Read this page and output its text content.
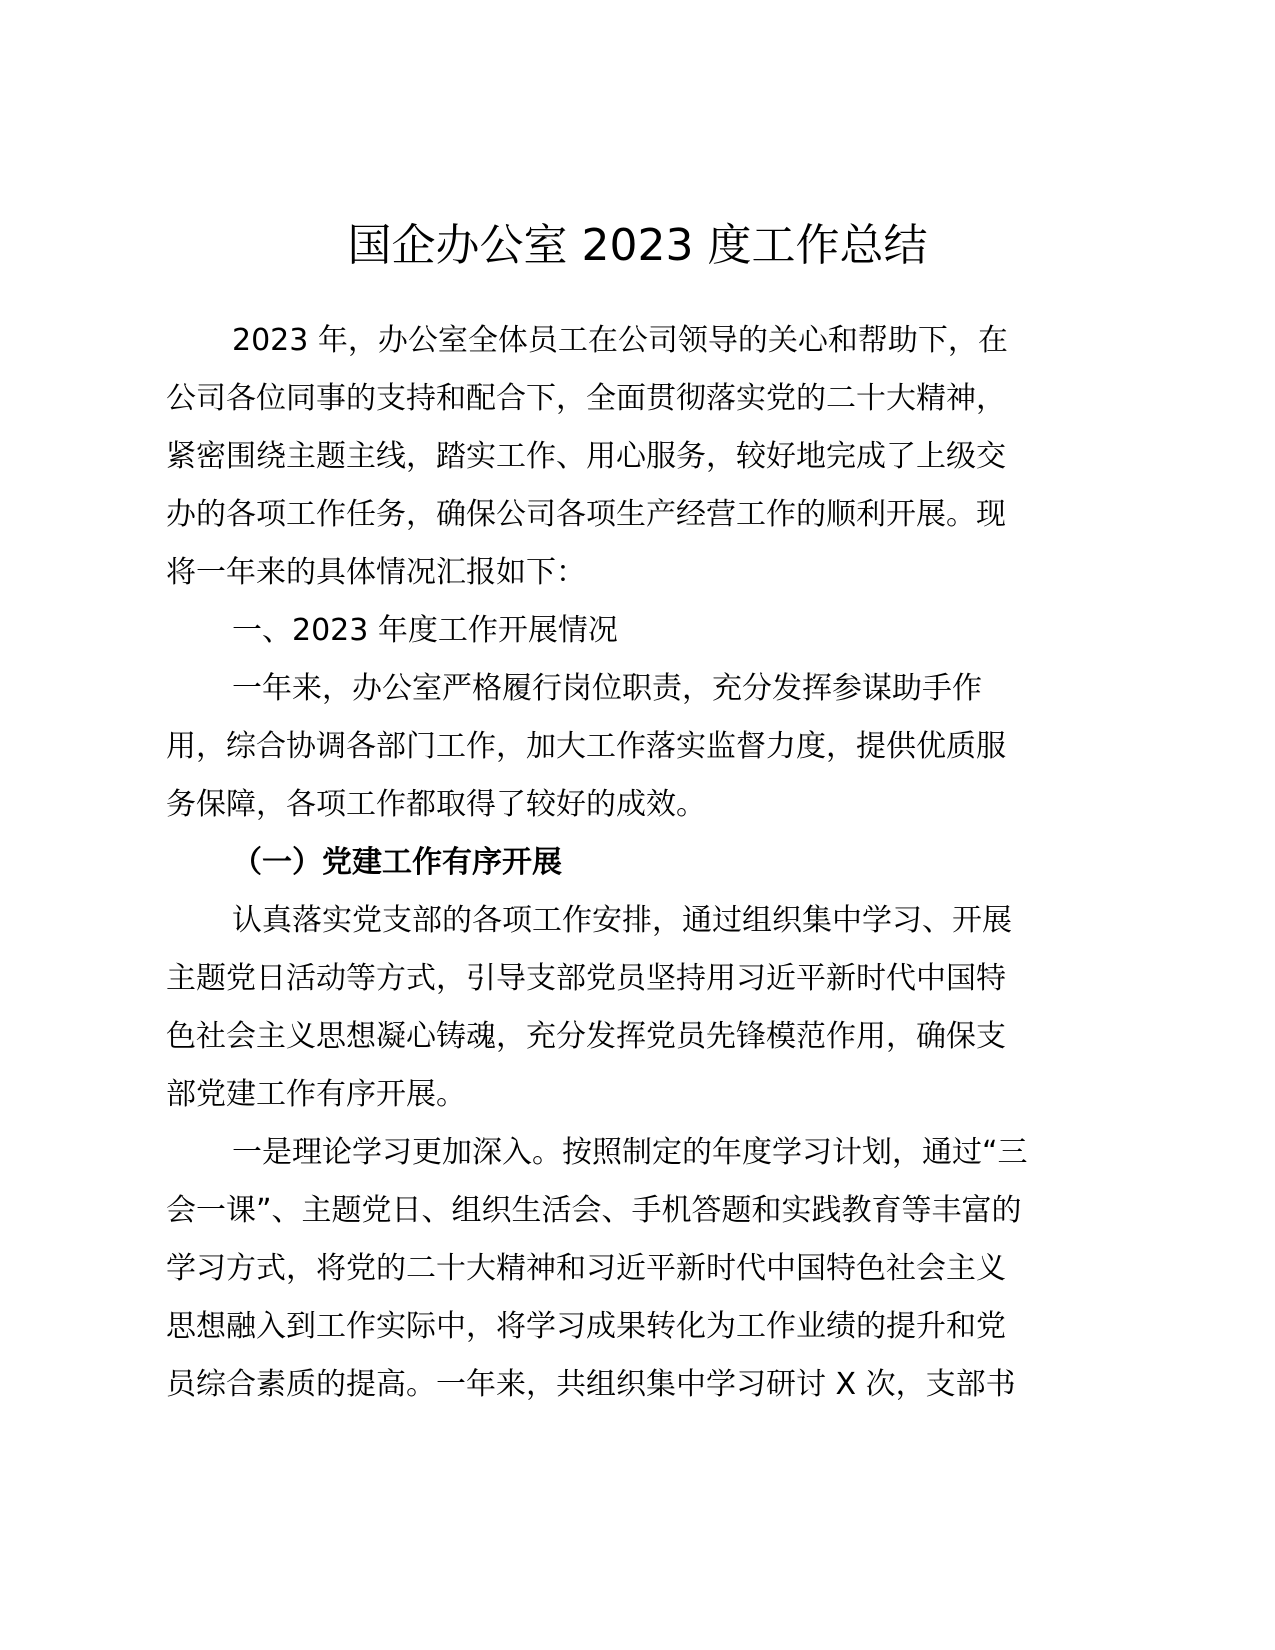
国企办公室 2023 度工作总结
2023 年，办公室全体员工在公司领导的关心和帮助下，在
公司各位同事的支持和配合下，全面贯彻落实党的二十大精神，
紧密围绕主题主线，踏实工作、用心服务，较好地完成了上级交
办的各项工作任务，确保公司各项生产经营工作的顺利开展。现
将一年来的具体情况汇报如下：
一、2023 年度工作开展情况
一年来，办公室严格履行岗位职责，充分发挥参谋助手作
用，综合协调各部门工作，加大工作落实监督力度，提供优质服
务保障，各项工作都取得了较好的成效。
（一）党建工作有序开展
认真落实党支部的各项工作安排，通过组织集中学习、开展
主题党日活动等方式，引导支部党员坚持用习近平新时代中国特
色社会主义思想凝心铸魂，充分发挥党员先锋模范作用，确保支
部党建工作有序开展。
一是理论学习更加深入。按照制定的年度学习计划，通过“三
会一课”、主题党日、组织生活会、手机答题和实践教育等丰富的
学习方式，将党的二十大精神和习近平新时代中国特色社会主义
思想融入到工作实际中，将学习成果转化为工作业绩的提升和党
员综合素质的提高。一年来，共组织集中学习研讨 X 次，支部书
